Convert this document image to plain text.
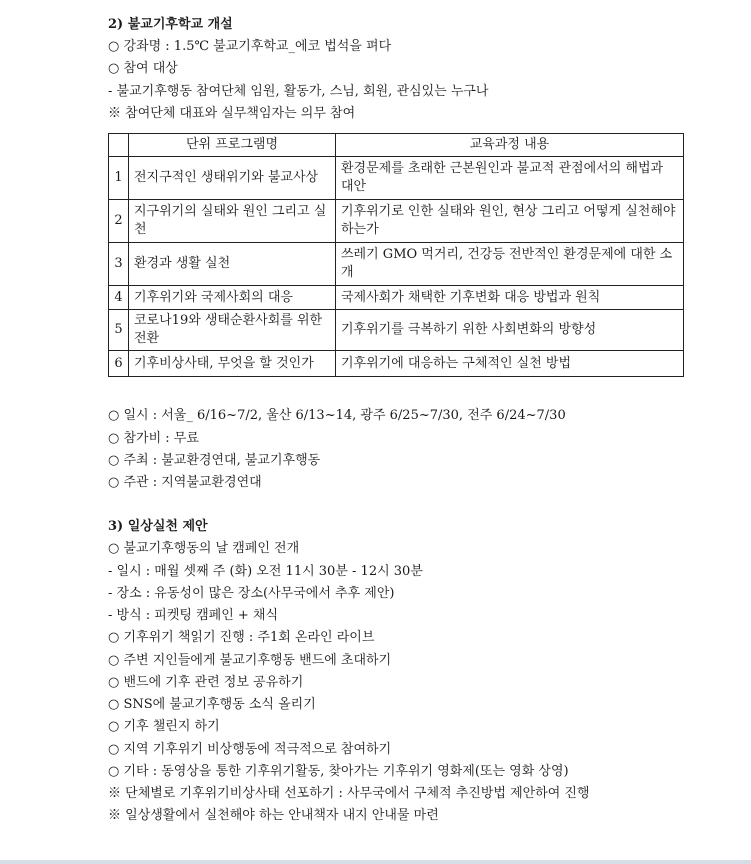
2) 불교기후학교 개설
○ 강좌명 : 1.5℃ 불교기후학교_에코 법석을 펴다
○ 참여 대상
- 불교기후행동 참여단체 임원, 활동가, 스님, 회원, 관심있는 누구나
※ 참여단체 대표와 실무책임자는 의무 참여
	단위 프로그램명	교육과정 내용
1	전지구적인 생태위기와 불교사상	환경문제를 초래한 근본원인과 불교적 관점에서의 해법과 대안
2	지구위기의 실태와 원인 그리고 실천	기후위기로 인한 실태와 원인, 현상 그리고 어떻게 실천해야하는가
3	환경과 생활 실천	쓰레기 GMO 먹거리, 건강등 전반적인 환경문제에 대한 소개
4	기후위기와 국제사회의 대응	국제사회가 채택한 기후변화 대응 방법과 원칙
5	코로나19와 생태순환사회를 위한 전환	기후위기를 극복하기 위한 사회변화의 방향성
6	기후비상사태, 무엇을 할 것인가	기후위기에 대응하는 구체적인 실천 방법
○ 일시 : 서울_ 6/16~7/2, 울산 6/13~14, 광주 6/25~7/30, 전주 6/24~7/30
○ 참가비 : 무료
○ 주최 : 불교환경연대, 불교기후행동
○ 주관 : 지역불교환경연대
3) 일상실천 제안
○ 불교기후행동의 날 캠페인 전개
- 일시 : 매월 셋째 주 (화) 오전 11시 30분 - 12시 30분
- 장소 : 유동성이 많은 장소(사무국에서 추후 제안)
- 방식 : 피켓팅 캠페인 + 채식
○ 기후위기 책읽기 진행 : 주1회 온라인 라이브
○ 주변 지인들에게 불교기후행동 밴드에 초대하기
○ 밴드에 기후 관련 정보 공유하기
○ SNS에 불교기후행동 소식 올리기
○ 기후 챌린지 하기
○ 지역 기후위기 비상행동에 적극적으로 참여하기
○ 기타 : 동영상을 통한 기후위기활동, 찾아가는 기후위기 영화제(또는 영화 상영)
※ 단체별로 기후위기비상사태 선포하기 : 사무국에서 구체적 추진방법 제안하여 진행
※ 일상생활에서 실천해야 하는 안내책자 내지 안내물 마련
